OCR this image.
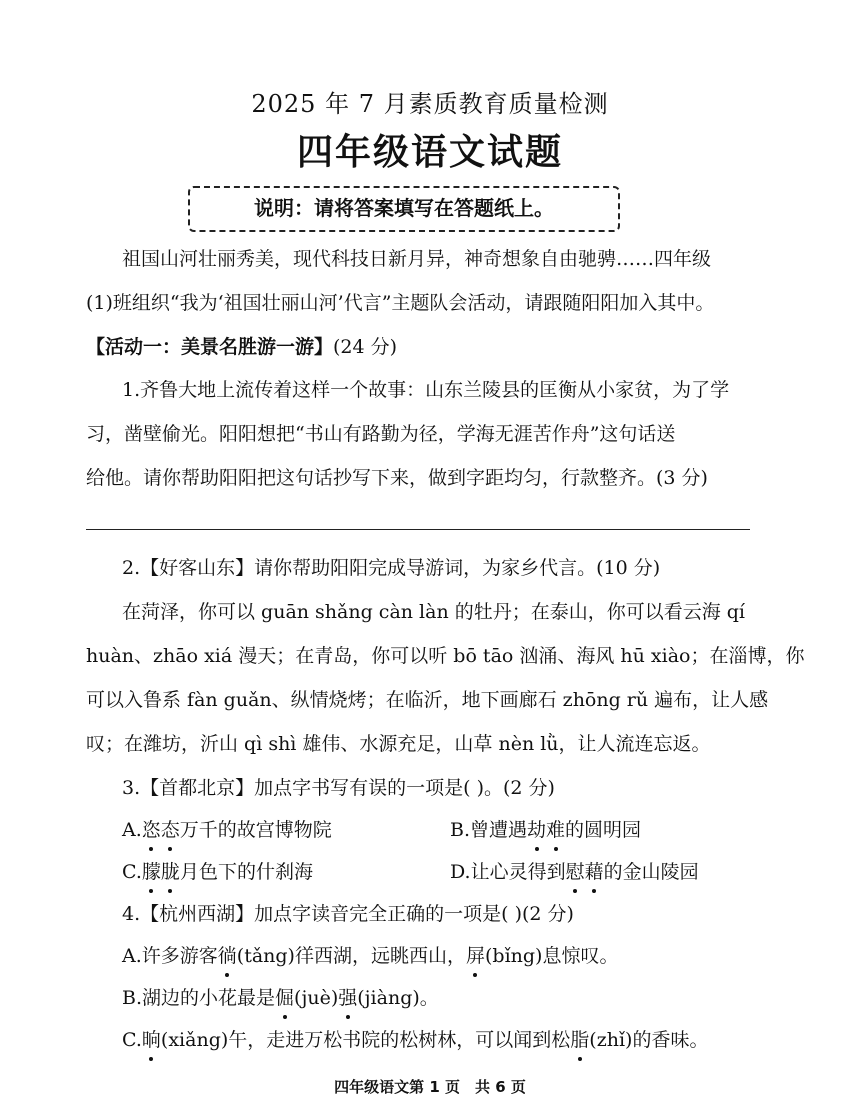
2025 年 7 月素质教育质量检测
四年级语文试题
说明：请将答案填写在答题纸上。
祖国山河壮丽秀美，现代科技日新月异，神奇想象自由驰骋……四年级
(1)班组织“我为‘祖国壮丽山河’代言”主题队会活动，请跟随阳阳加入其中。
【活动一：美景名胜游一游】(24 分)
1.齐鲁大地上流传着这样一个故事：山东兰陵县的匡衡从小家贫，为了学
习，凿壁偷光。阳阳想把“书山有路勤为径，学海无涯苦作舟”这句话送
给他。请你帮助阳阳把这句话抄写下来，做到字距均匀，行款整齐。(3 分)
2.【好客山东】请你帮助阳阳完成导游词，为家乡代言。(10 分)
在菏泽，你可以 guān shǎng càn làn 的牡丹；在泰山，你可以看云海 qí
huàn、zhāo xiá 漫天；在青岛，你可以听 bō tāo 汹涌、海风 hū xiào；在淄博，你
可以入鲁系 fàn guǎn、纵情烧烤；在临沂，地下画廊石 zhōng rǔ 遍布，让人感
叹；在潍坊，沂山 qì shì 雄伟、水源充足，山草 nèn lǜ，让人流连忘返。
3.【首都北京】加点字书写有误的一项是( )。(2 分)
A.恣态万千的故宫博物院	B.曾遭遇劫难的圆明园
C.朦胧月色下的什刹海	D.让心灵得到慰藉的金山陵园
4.【杭州西湖】加点字读音完全正确的一项是( )(2 分)
A.许多游客徜(tǎng)徉西湖，远眺西山，屏(bǐng)息惊叹。
B.湖边的小花最是倔(juè)强(jiàng)。
C.晌(xiǎng)午，走进万松书院的松树林，可以闻到松脂(zhǐ)的香味。
四年级语文第 1 页　共 6 页
